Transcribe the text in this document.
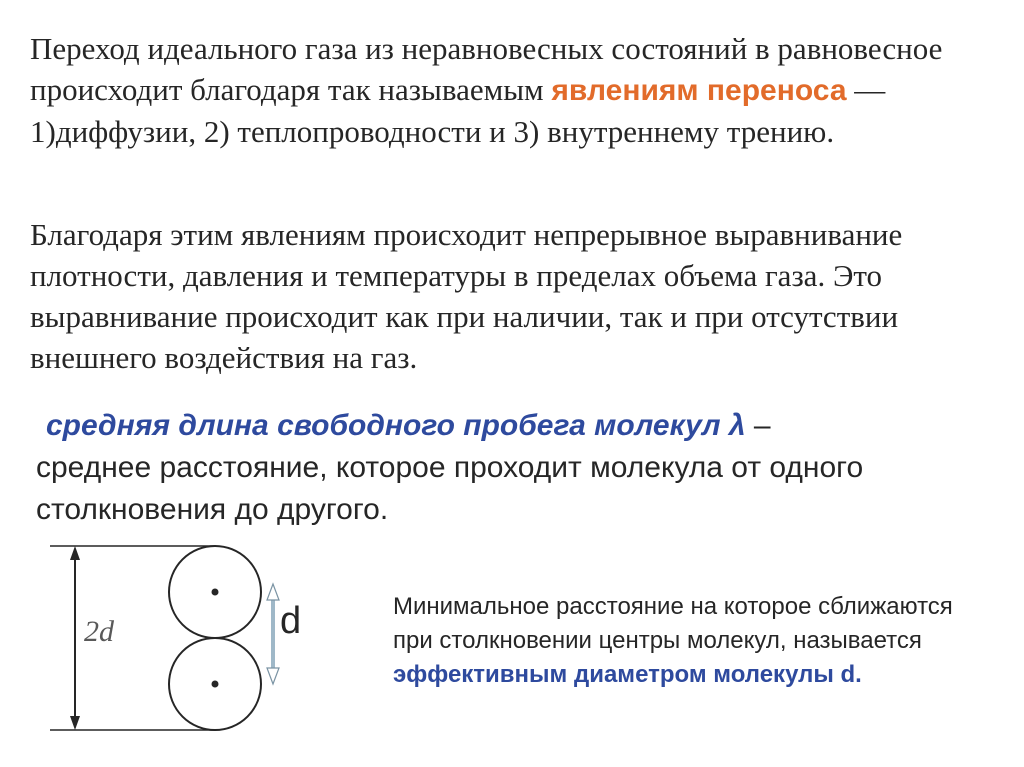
Переход идеального газа из неравновесных состояний в равновесное происходит благодаря так называемым явлениям переноса — 1)диффузии, 2) теплопроводности и 3) внутреннему трению.
Благодаря этим явлениям происходит непрерывное выравнивание плотности, давления и температуры в пределах объема газа. Это выравнивание происходит как при наличии, так и при отсутствии внешнего воздействия на газ.
средняя длина свободного пробега молекул λ –
среднее расстояние, которое проходит молекула от одного столкновения до другого.
2d	d	Минимальное расстояние на которое сближаются при столкновении центры молекул, называется эффективным диаметром молекулы d.
